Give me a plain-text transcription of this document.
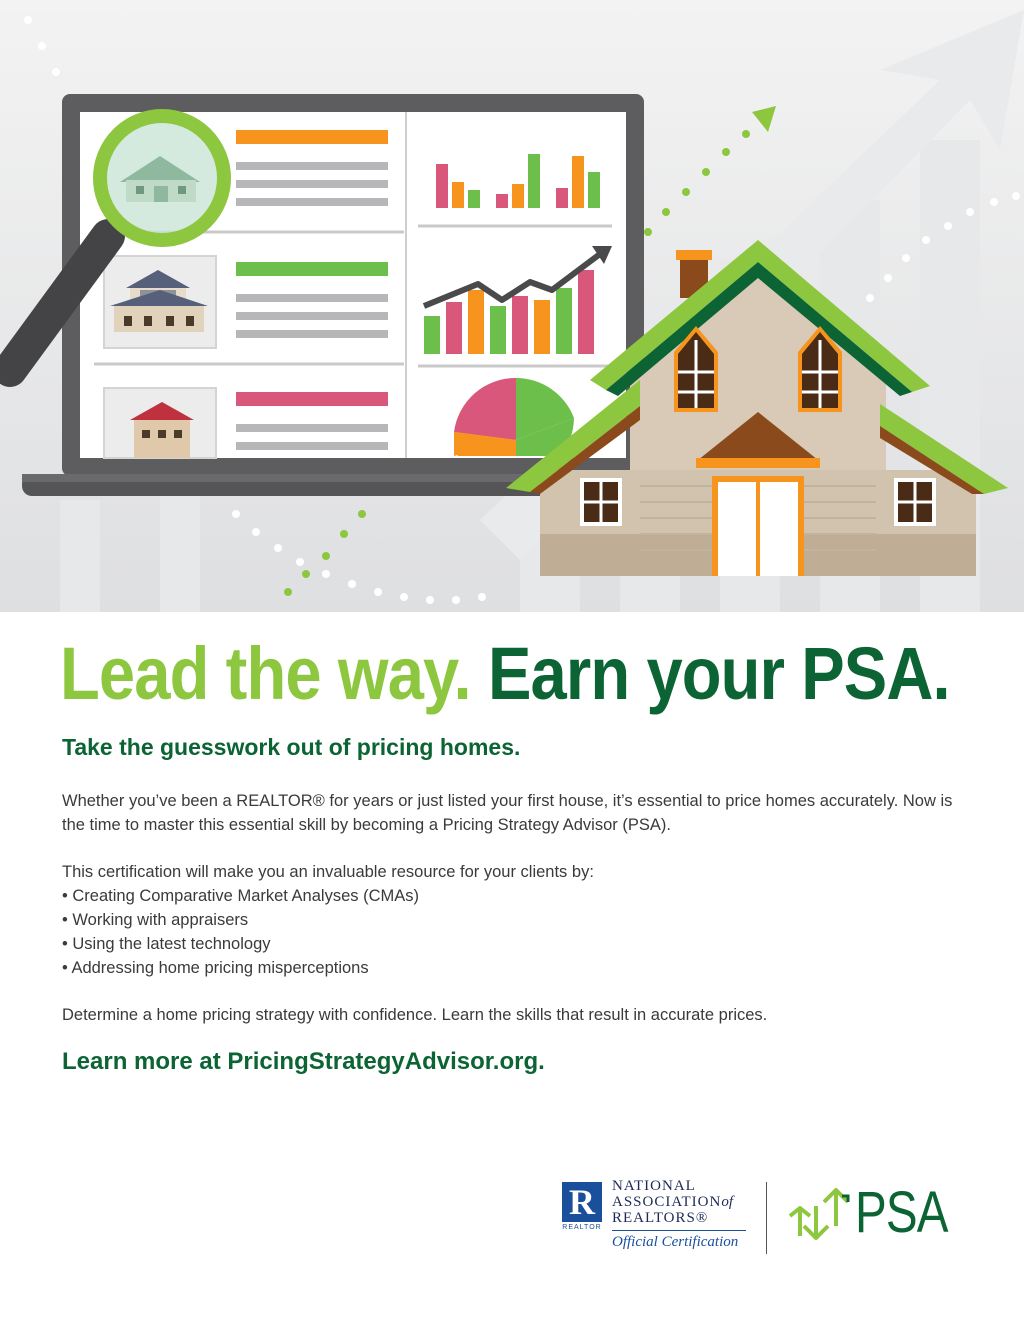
Lead the way. Earn your PSA.
Take the guesswork out of pricing homes.

Whether you’ve been a REALTOR® for years or just listed your first house, it’s essential to price homes accurately. Now is the time to master this essential skill by becoming a Pricing Strategy Advisor (PSA).

This certification will make you an invaluable resource for your clients by:

• Creating Comparative Market Analyses (CMAs)
• Working with appraisers
• Using the latest technology
• Addressing home pricing misperceptions

Determine a home pricing strategy with confidence. Learn the skills that result in accurate prices.

Learn more at PricingStrategyAdvisor.org.

R
REALTOR
NATIONAL
ASSOCIATIONof
REALTORS®
Official Certification PSA
